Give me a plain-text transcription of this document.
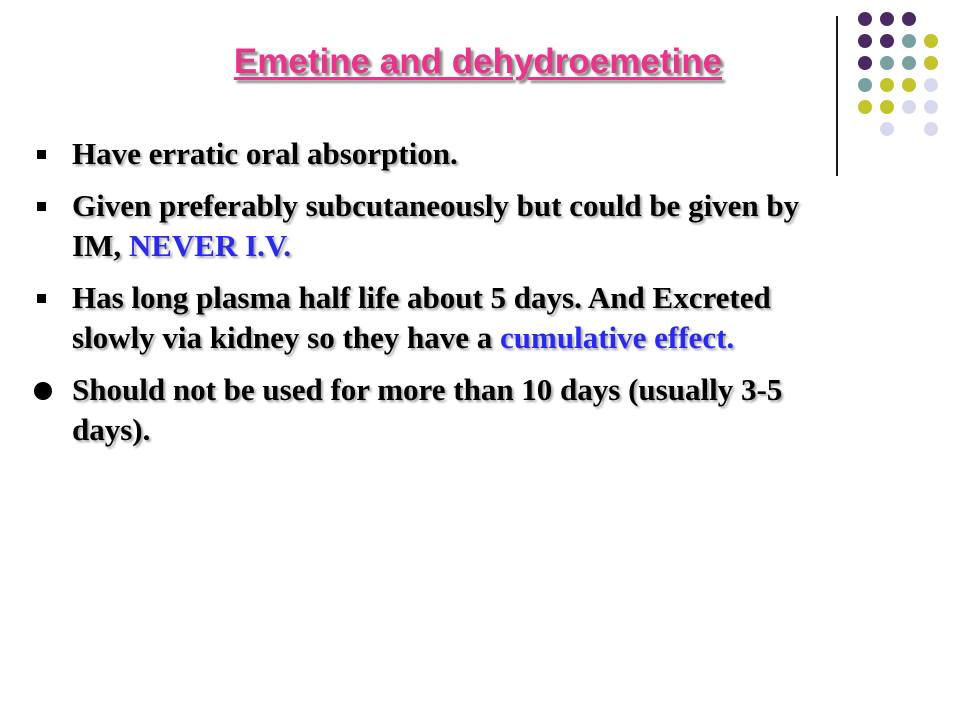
Emetine and dehydroemetine
Have erratic oral absorption.
Given preferably subcutaneously but could be given by IM, NEVER I.V.
Has long plasma half life about 5 days. And Excreted slowly via kidney so they have a cumulative effect.
Should not be used for more than 10 days (usually 3-5 days).
